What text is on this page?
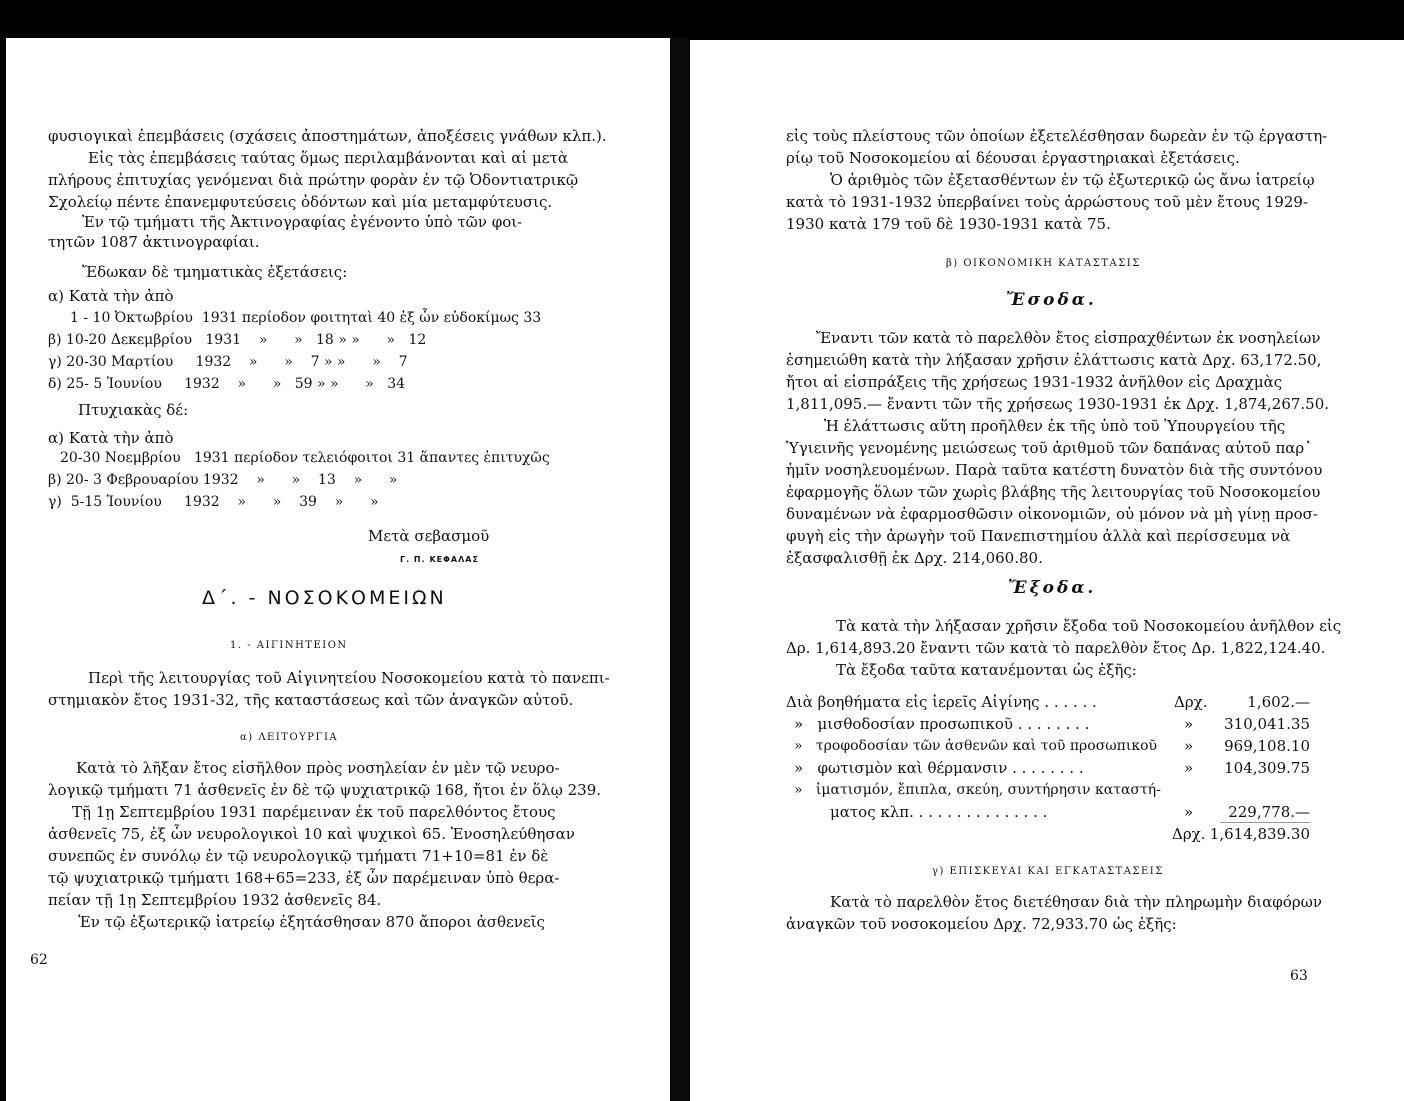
φυσιογικαὶ ἐπεμβάσεις (σχάσεις ἀποστημάτων, ἀποξέσεις γνάθων κλπ.).
Εἰς τὰς ἐπεμβάσεις ταύτας ὅμως περιλαμβάνονται καὶ αἱ μετὰ
πλήρους ἐπιτυχίας γενόμεναι διὰ πρώτην φορὰν ἐν τῷ Ὀδοντιατρικῷ
Σχολείῳ πέντε ἐπανεμφυτεύσεις ὀδόντων καὶ μία μεταμφύτευσις.
Ἐν τῷ τμήματι τῆς Ἀκτινογραφίας ἐγένοντο ὑπὸ τῶν φοι-
τητῶν 1087 ἀκτινογραφίαι.
Ἔδωκαν δὲ τμηματικὰς ἐξετάσεις:
α) Κατὰ τὴν ἀπὸ
1 - 10 Ὀκτωβρίου  1931 περίοδον φοιτηταὶ 40 ἐξ ὧν εὐδοκίμως 33
β) 10-20 Δεκεμβρίου   1931    »      »   18 » »      »   12
γ) 20-30 Μαρτίου     1932    »      »    7 » »      »    7
δ) 25- 5 Ἰουνίου     1932    »      »   59 » »      »   34
Πτυχιακὰς δέ:
α) Κατὰ τὴν ἀπὸ
20-30 Νοεμβρίου   1931 περίοδον τελειόφοιτοι 31 ἅπαντες ἐπιτυχῶς
β) 20- 3 Φεβρουαρίου 1932    »      »    13    »      »
γ)  5-15 Ἰουνίου     1932    »      »    39    »      »
Μετὰ σεβασμοῦ
Γ. Π. ΚΕΦΑΛΑΣ
Δ΄. - ΝΟΣΟΚΟΜΕΙΩΝ
1. - ΑΙΓΙΝΗΤΕΙΟΝ
Περὶ τῆς λειτουργίας τοῦ Αἰγινητείου Νοσοκομείου κατὰ τὸ πανεπι-
στημιακὸν ἔτος 1931-32, τῆς καταστάσεως καὶ τῶν ἀναγκῶν αὐτοῦ.
α) ΛΕΙΤΟΥΡΓΙΑ
Κατὰ τὸ λῆξαν ἔτος εἰσῆλθον πρὸς νοσηλείαν ἐν μὲν τῷ νευρο-
λογικῷ τμήματι 71 ἀσθενεῖς ἐν δὲ τῷ ψυχιατρικῷ 168, ἤτοι ἐν ὅλῳ 239.
Τῇ 1ῃ Σεπτεμβρίου 1931 παρέμειναν ἐκ τοῦ παρελθόντος ἔτους
ἀσθενεῖς 75, ἐξ ὧν νευρολογικοὶ 10 καὶ ψυχικοὶ 65. Ἐνοσηλεύθησαν
συνεπῶς ἐν συνόλῳ ἐν τῷ νευρολογικῷ τμήματι 71+10=81 ἐν δὲ
τῷ ψυχιατρικῷ τμήματι 168+65=233, ἐξ ὧν παρέμειναν ὑπὸ θερα-
πείαν τῇ 1ῃ Σεπτεμβρίου 1932 ἀσθενεῖς 84.
Ἐν τῷ ἐξωτερικῷ ἰατρείῳ ἐξητάσθησαν 870 ἄποροι ἀσθενεῖς
62
εἰς τοὺς πλείστους τῶν ὁποίων ἐξετελέσθησαν δωρεὰν ἐν τῷ ἐργαστη-
ρίῳ τοῦ Νοσοκομείου αἱ δέουσαι ἐργαστηριακαὶ ἐξετάσεις.
Ὁ ἀριθμὸς τῶν ἐξετασθέντων ἐν τῷ ἐξωτερικῷ ὡς ἄνω ἰατρείῳ
κατὰ τὸ 1931-1932 ὑπερβαίνει τοὺς ἀρρώστους τοῦ μὲν ἔτους 1929-
1930 κατὰ 179 τοῦ δὲ 1930-1931 κατὰ 75.
β) ΟΙΚΟΝΟΜΙΚΗ ΚΑΤΑΣΤΑΣΙΣ
Ἔσοδα.
Ἔναντι τῶν κατὰ τὸ παρελθὸν ἔτος εἰσπραχθέντων ἐκ νοσηλείων
ἐσημειώθη κατὰ τὴν λήξασαν χρῆσιν ἐλάττωσις κατὰ Δρχ. 63,172.50,
ἤτοι αἱ εἰσπράξεις τῆς χρήσεως 1931-1932 ἀνῆλθον εἰς Δραχμὰς
1,811,095.— ἔναντι τῶν τῆς χρήσεως 1930-1931 ἐκ Δρχ. 1,874,267.50.
Ἡ ἐλάττωσις αὕτη προῆλθεν ἐκ τῆς ὑπὸ τοῦ Ὑπουργείου τῆς
Ὑγιεινῆς γενομένης μειώσεως τοῦ ἀριθμοῦ τῶν δαπάνας αὐτοῦ παρ᾽
ἡμῖν νοσηλευομένων. Παρὰ ταῦτα κατέστη δυνατὸν διὰ τῆς συντόνου
ἐφαρμογῆς ὅλων τῶν χωρὶς βλάβης τῆς λειτουργίας τοῦ Νοσοκομείου
δυναμένων νὰ ἐφαρμοσθῶσιν οἰκονομιῶν, οὐ μόνον νὰ μὴ γίνῃ προσ-
φυγὴ εἰς τὴν ἀρωγὴν τοῦ Πανεπιστημίου ἀλλὰ καὶ περίσσευμα νὰ
ἐξασφαλισθῇ ἐκ Δρχ. 214,060.80.
Ἔξοδα.
Τὰ κατὰ τὴν λήξασαν χρῆσιν ἔξοδα τοῦ Νοσοκομείου ἀνῆλθον εἰς
Δρ. 1,614,893.20 ἔναντι τῶν κατὰ τὸ παρελθὸν ἔτος Δρ. 1,822,124.40.
Τὰ ἔξοδα ταῦτα κατανέμονται ὡς ἑξῆς:
Διὰ βοηθήματα εἰς ἱερεῖς Αἰγίνης . . . . . .	Δρχ.	1,602.—
»   μισθοδοσίαν προσωπικοῦ . . . . . . . .	» 310,041.35
»   τροφοδοσίαν τῶν ἀσθενῶν καὶ τοῦ προσωπικοῦ » 969,108.10
»   φωτισμὸν καὶ θέρμανσιν . . . . . . . .	» 104,309.75
»   ἱματισμόν, ἔπιπλα, σκεύη, συντήρησιν καταστή-
ματος κλπ. . . . . . . . . . . . . . .	» 229,778.—
Δρχ. 1,614,839.30
γ) ΕΠΙΣΚΕΥΑΙ ΚΑΙ ΕΓΚΑΤΑΣΤΑΣΕΙΣ
Κατὰ τὸ παρελθὸν ἔτος διετέθησαν διὰ τὴν πληρωμὴν διαφόρων
ἀναγκῶν τοῦ νοσοκομείου Δρχ. 72,933.70 ὡς ἑξῆς:
63
